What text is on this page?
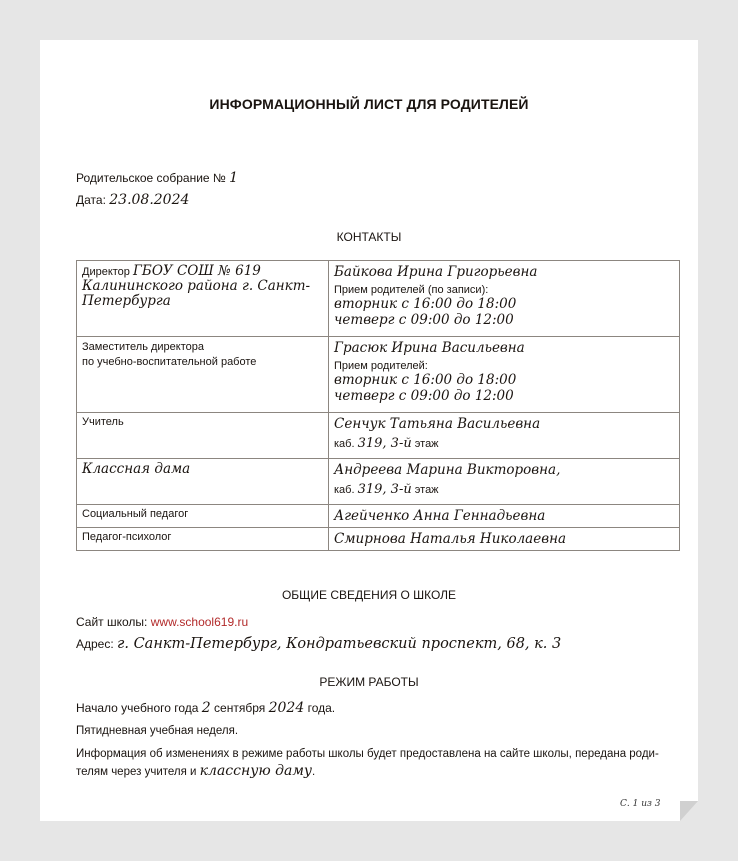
ИНФОРМАЦИОННЫЙ ЛИСТ ДЛЯ РОДИТЕЛЕЙ
Родительское собрание № 1
Дата: 23.08.2024
КОНТАКТЫ
Директор ГБОУ СОШ № 619 Калининского района г. Санкт-Петербурга	Байкова Ирина Григорьевна
Прием родителей (по записи):
вторник с 16:00 до 18:00
четверг с 09:00 до 12:00

Заместитель директора
по учебно-воспитательной работе	Грасюк Ирина Васильевна
Прием родителей:
вторник с 16:00 до 18:00
четверг с 09:00 до 12:00

Учитель	Сенчук Татьяна Васильевна
каб. 319, 3-й этаж
Классная дама	Андреева Марина Викторовна,
каб. 319, 3-й этаж
Социальный педагог	Агейченко Анна Геннадьевна

Педагог-психолог	Смирнова Наталья Николаевна
ОБЩИЕ СВЕДЕНИЯ О ШКОЛЕ
Сайт школы: www.school619.ru
Адрес: г. Санкт-Петербург, Кондратьевский проспект, 68, к. 3
РЕЖИМ РАБОТЫ
Начало учебного года 2 сентября 2024 года.
Пятидневная учебная неделя.
Информация об изменениях в режиме работы школы будет предоставлена на сайте школы, передана роди-
телям через учителя и классную даму.
С. 1 из 3
